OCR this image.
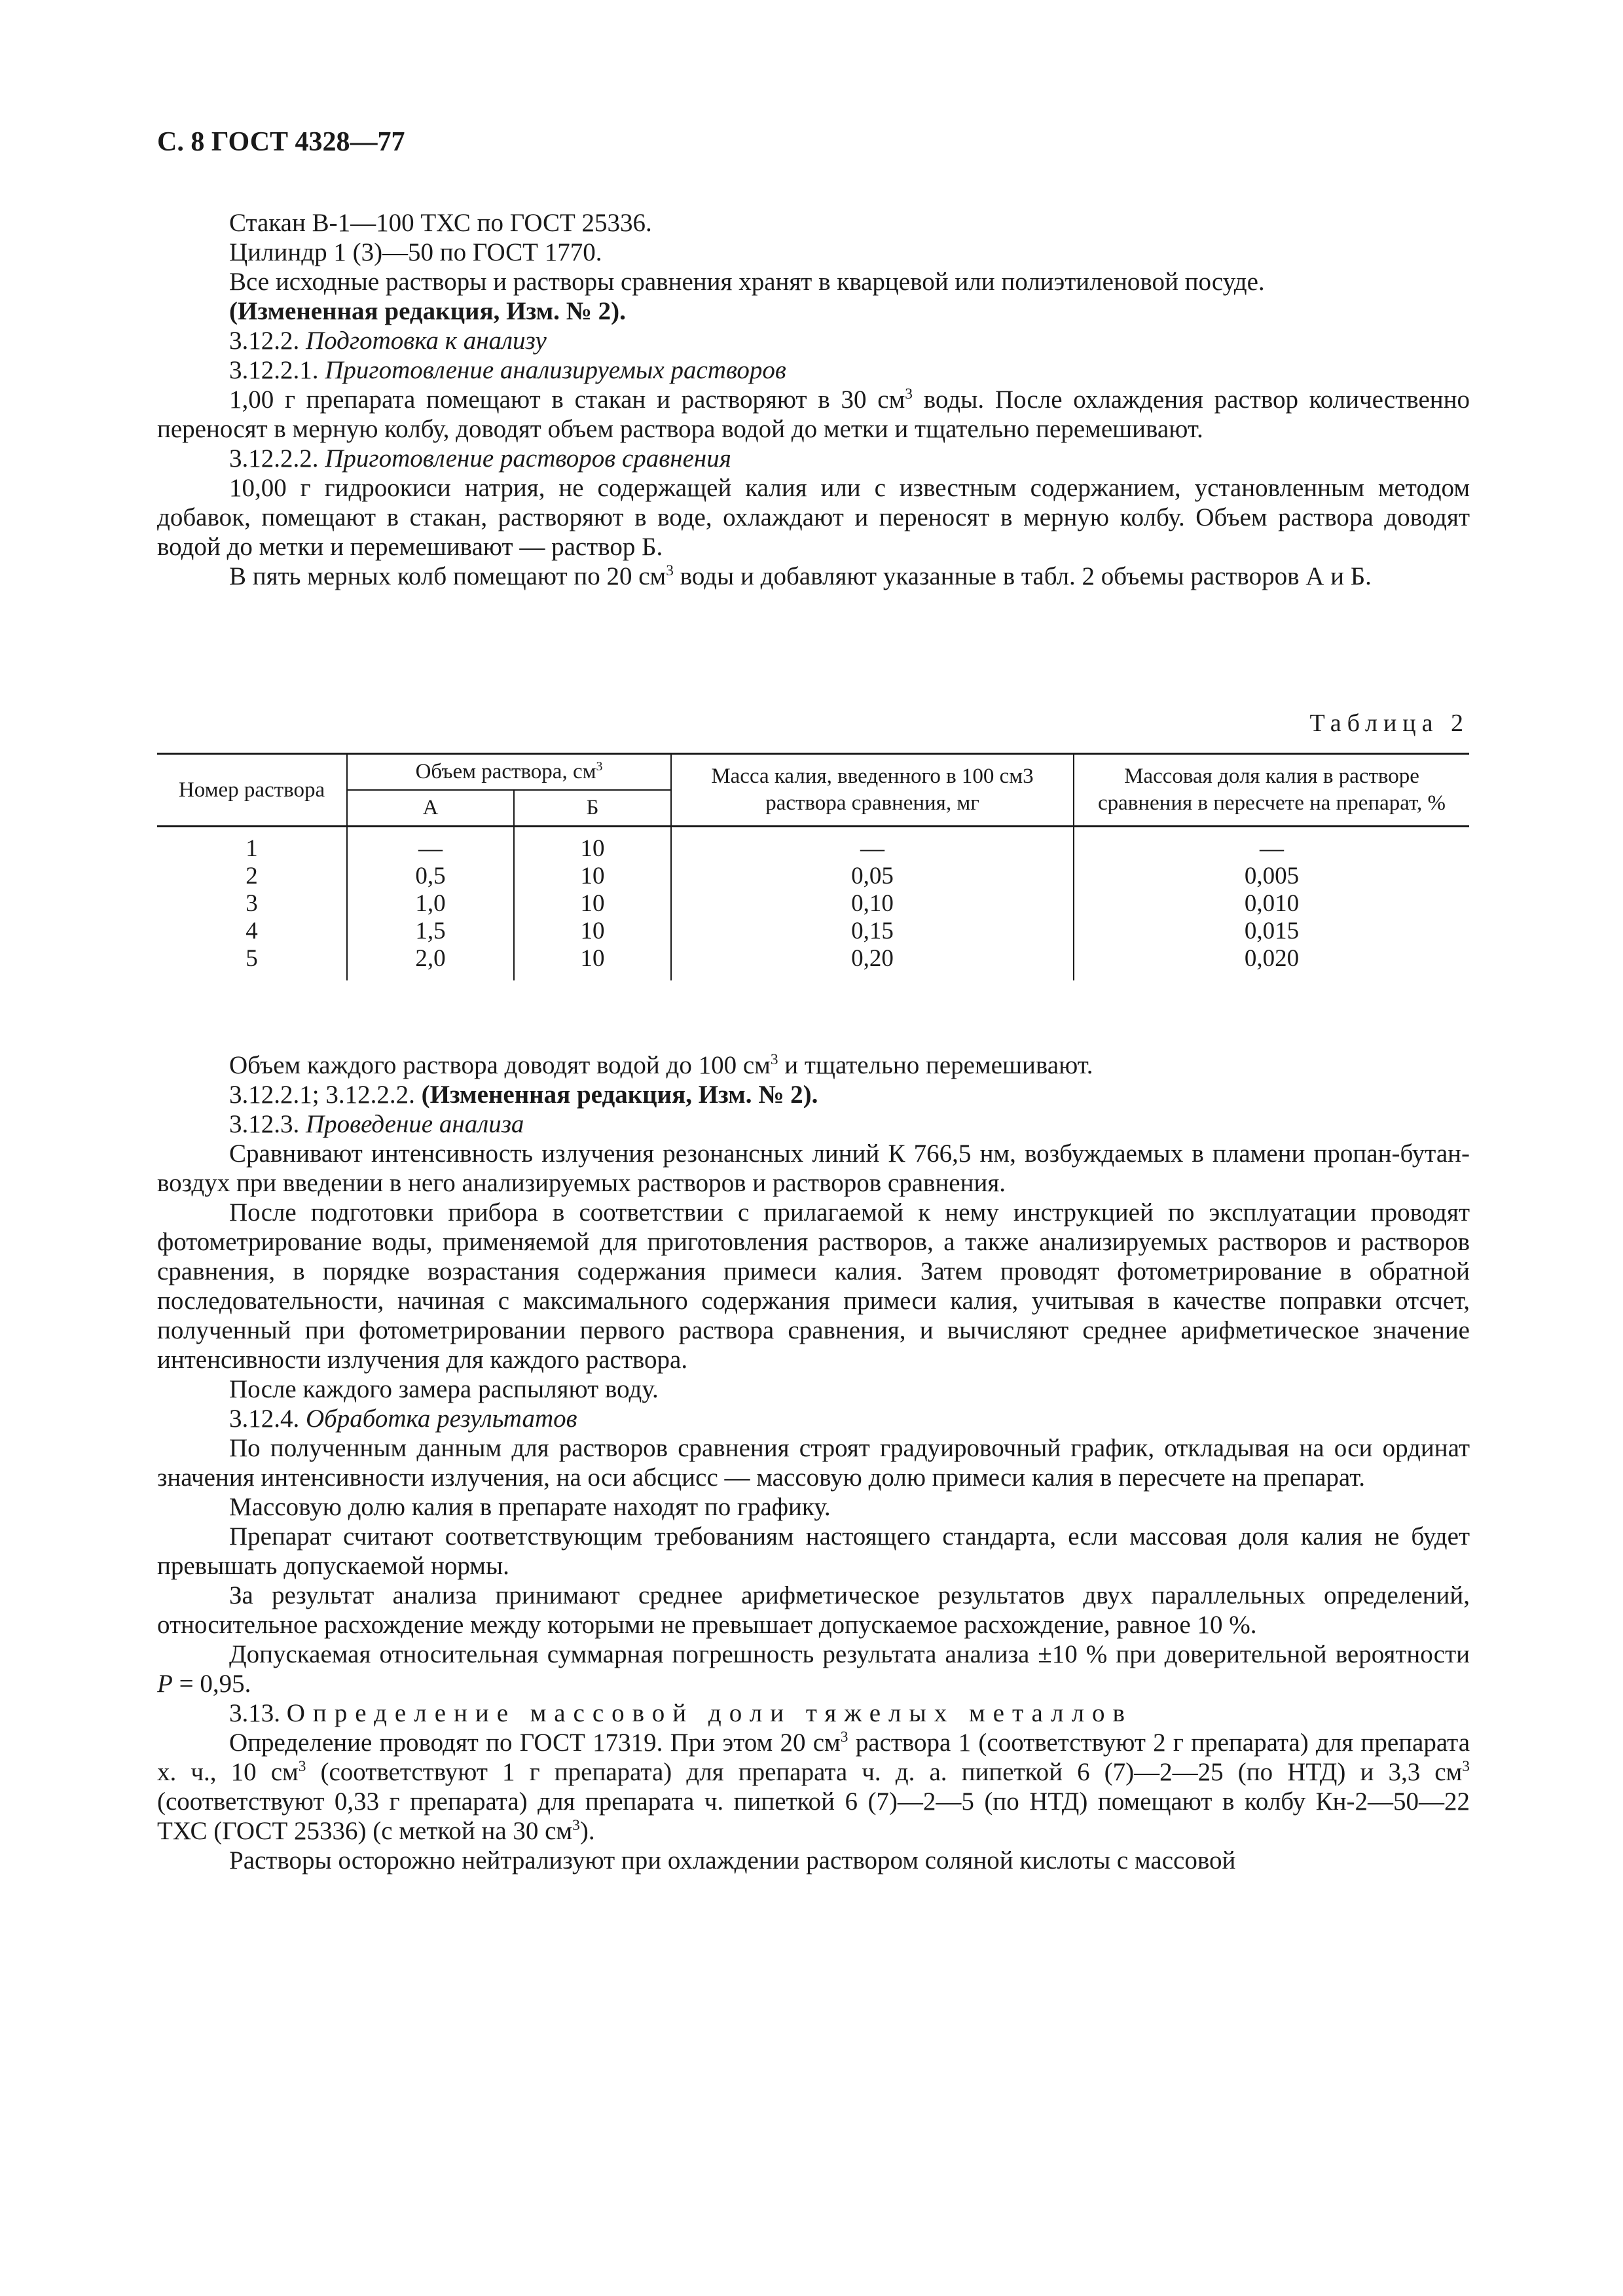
С. 8 ГОСТ 4328—77

Стакан В-1—100 ТХС по ГОСТ 25336.

Цилиндр 1 (3)—50 по ГОСТ 1770.

Все исходные растворы и растворы сравнения хранят в кварцевой или полиэтиленовой посуде.

(Измененная редакция, Изм. № 2).

3.12.2. Подготовка к анализу

3.12.2.1. Приготовление анализируемых растворов

1,00 г препарата помещают в стакан и растворяют в 30 $см^3$ воды. После охлаждения раствор количественно переносят в мерную колбу, доводят объем раствора водой до метки и тщательно перемешивают.

3.12.2.2. Приготовление растворов сравнения

10,00 г гидроокиси натрия, не содержащей калия или с известным содержанием, установленным методом добавок, помещают в стакан, растворяют в воде, охлаждают и переносят в мерную колбу. Объем раствора доводят водой до метки и перемешивают — раствор Б.

В пять мерных колб помещают по 20 $см^3$ воды и добавляют указанные в табл. 2 объемы растворов А и Б.

Таблица 2
Номер раствора	Объем раствора, $см^3$		Масса калия, введенного в 100 см3 раствора сравнения, мг	Массовая доля калия в растворе сравнения в пересчете на препарат, %
	А	Б		
1	—	10	—	—
2	0,5	10	0,05	0,005
3	1,0	10	0,10	0,010
4	1,5	10	0,15	0,015
5	2,0	10	0,20	0,020

Объем каждого раствора доводят водой до 100 $см^3$ и тщательно перемешивают.

3.12.2.1; 3.12.2.2. (Измененная редакция, Изм. № 2).

3.12.3. Проведение анализа

Сравнивают интенсивность излучения резонансных линий К 766,5 нм, возбуждаемых в пламени пропан-бутан-воздух при введении в него анализируемых растворов и растворов сравнения.

После подготовки прибора в соответствии с прилагаемой к нему инструкцией по эксплуатации проводят фотометрирование воды, применяемой для приготовления растворов, а также анализируемых растворов и растворов сравнения, в порядке возрастания содержания примеси калия. Затем проводят фотометрирование в обратной последовательности, начиная с максимального содержания примеси калия, учитывая в качестве поправки отсчет, полученный при фотометрировании первого раствора сравнения, и вычисляют среднее арифметическое значение интенсивности излучения для каждого раствора.

После каждого замера распыляют воду.

3.12.4. Обработка результатов

По полученным данным для растворов сравнения строят градуировочный график, откладывая на оси ординат значения интенсивности излучения, на оси абсцисс — массовую долю примеси калия в пересчете на препарат.

Массовую долю калия в препарате находят по графику.

Препарат считают соответствующим требованиям настоящего стандарта, если массовая доля калия не будет превышать допускаемой нормы.

За результат анализа принимают среднее арифметическое результатов двух параллельных определений, относительное расхождение между которыми не превышает допускаемое расхождение, равное 10 %.

Допускаемая относительная суммарная погрешность результата анализа ±10 % при доверительной вероятности P = 0,95.

3.13. Определение массовой доли тяжелых металлов

Определение проводят по ГОСТ 17319. При этом 20 $см^3$ раствора 1 (соответствуют 2 г препарата) для препарата х. ч., 10 $см^3$ (соответствуют 1 г препарата) для препарата ч. д. а. пипеткой 6 (7)—2—25 (по НТД) и 3,3 $см^3$ (соответствуют 0,33 г препарата) для препарата ч. пипеткой 6 (7)—2—5 (по НТД) помещают в колбу Кн-2—50—22 ТХС (ГОСТ 25336) (с меткой на 30 $см^3$).

Растворы осторожно нейтрализуют при охлаждении раствором соляной кислоты с массовой
